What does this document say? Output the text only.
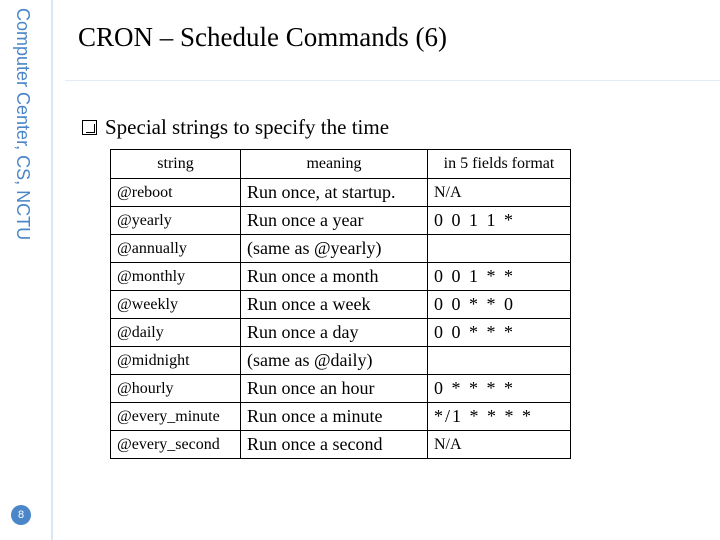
Computer Center, CS, NCTU
8
CRON – Schedule Commands (6)
Special strings to specify the time
string	meaning	in 5 fields format
@reboot	Run once, at startup.	N/A
@yearly	Run once a year	0 0 1 1 *
@annually	(same as @yearly)	
@monthly	Run once a month	0 0 1 * *
@weekly	Run once a week	0 0 * * 0
@daily	Run once a day	0 0 * * *
@midnight	(same as @daily)	
@hourly	Run once an hour	0 * * * *
@every_minute	Run once a minute	*/1 * * * *
@every_second	Run once a second	N/A
